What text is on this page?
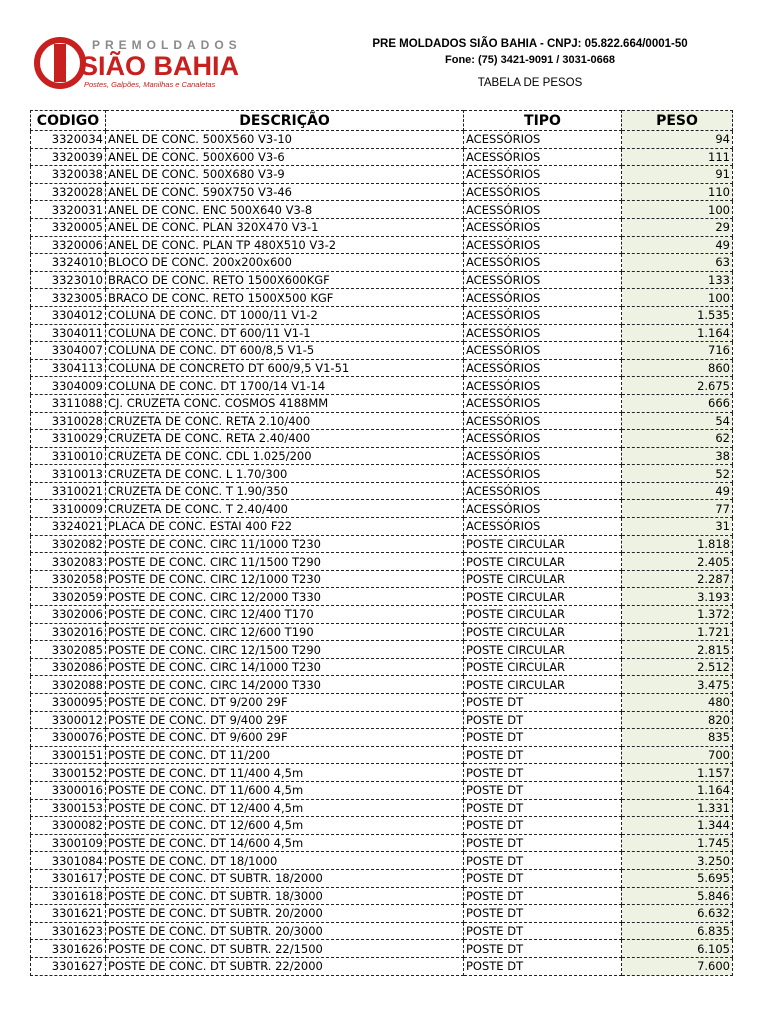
PREMOLDADOS
SIÃO BAHIA
Postes, Galpões, Manilhas e Canaletas
PRE MOLDADOS SIÃO BAHIA - CNPJ: 05.822.664/0001-50
Fone: (75) 3421-9091 / 3031-0668
TABELA DE PESOS
CODIGO	DESCRIÇÃO	TIPO	PESO
3320034	ANEL DE CONC. 500X560 V3-10	ACESSÓRIOS	94
3320039	ANEL DE CONC. 500X600 V3-6	ACESSÓRIOS	111
3320038	ANEL DE CONC. 500X680 V3-9	ACESSÓRIOS	91
3320028	ANEL DE CONC. 590X750 V3-46	ACESSÓRIOS	110
3320031	ANEL DE CONC. ENC 500X640 V3-8	ACESSÓRIOS	100
3320005	ANEL DE CONC. PLAN 320X470 V3-1	ACESSÓRIOS	29
3320006	ANEL DE CONC. PLAN TP 480X510 V3-2	ACESSÓRIOS	49
3324010	BLOCO DE CONC. 200x200x600	ACESSÓRIOS	63
3323010	BRACO DE CONC. RETO 1500X600KGF	ACESSÓRIOS	133
3323005	BRACO DE CONC. RETO 1500X500 KGF	ACESSÓRIOS	100
3304012	COLUNA DE CONC. DT 1000/11 V1-2	ACESSÓRIOS	1.535
3304011	COLUNA DE CONC. DT 600/11 V1-1	ACESSÓRIOS	1.164
3304007	COLUNA DE CONC. DT 600/8,5 V1-5	ACESSÓRIOS	716
3304113	COLUNA DE CONCRETO DT 600/9,5 V1-51	ACESSÓRIOS	860
3304009	COLUNA DE CONC. DT 1700/14 V1-14	ACESSÓRIOS	2.675
3311088	CJ. CRUZETA CONC. COSMOS 4188MM	ACESSÓRIOS	666
3310028	CRUZETA DE CONC. RETA 2.10/400	ACESSÓRIOS	54
3310029	CRUZETA DE CONC. RETA 2.40/400	ACESSÓRIOS	62
3310010	CRUZETA DE CONC. CDL 1.025/200	ACESSÓRIOS	38
3310013	CRUZETA DE CONC. L 1.70/300	ACESSÓRIOS	52
3310021	CRUZETA DE CONC. T 1.90/350	ACESSÓRIOS	49
3310009	CRUZETA DE CONC. T 2.40/400	ACESSÓRIOS	77
3324021	PLACA DE CONC. ESTAI 400 F22	ACESSÓRIOS	31
3302082	POSTE DE CONC. CIRC 11/1000 T230	POSTE CIRCULAR	1.818
3302083	POSTE DE CONC. CIRC 11/1500 T290	POSTE CIRCULAR	2.405
3302058	POSTE DE CONC. CIRC 12/1000 T230	POSTE CIRCULAR	2.287
3302059	POSTE DE CONC. CIRC 12/2000 T330	POSTE CIRCULAR	3.193
3302006	POSTE DE CONC. CIRC 12/400 T170	POSTE CIRCULAR	1.372
3302016	POSTE DE CONC. CIRC 12/600 T190	POSTE CIRCULAR	1.721
3302085	POSTE DE CONC. CIRC 12/1500 T290	POSTE CIRCULAR	2.815
3302086	POSTE DE CONC. CIRC 14/1000 T230	POSTE CIRCULAR	2.512
3302088	POSTE DE CONC. CIRC 14/2000 T330	POSTE CIRCULAR	3.475
3300095	POSTE DE CONC. DT 9/200 29F	POSTE DT	480
3300012	POSTE DE CONC. DT 9/400 29F	POSTE DT	820
3300076	POSTE DE CONC. DT 9/600 29F	POSTE DT	835
3300151	POSTE DE CONC. DT 11/200	POSTE DT	700
3300152	POSTE DE CONC. DT 11/400 4,5m	POSTE DT	1.157
3300016	POSTE DE CONC. DT 11/600 4,5m	POSTE DT	1.164
3300153	POSTE DE CONC. DT 12/400 4,5m	POSTE DT	1.331
3300082	POSTE DE CONC. DT 12/600 4,5m	POSTE DT	1.344
3300109	POSTE DE CONC. DT 14/600 4,5m	POSTE DT	1.745
3301084	POSTE DE CONC. DT 18/1000	POSTE DT	3.250
3301617	POSTE DE CONC. DT SUBTR. 18/2000	POSTE DT	5.695
3301618	POSTE DE CONC. DT SUBTR. 18/3000	POSTE DT	5.846
3301621	POSTE DE CONC. DT SUBTR. 20/2000	POSTE DT	6.632
3301623	POSTE DE CONC. DT SUBTR. 20/3000	POSTE DT	6.835
3301626	POSTE DE CONC. DT SUBTR. 22/1500	POSTE DT	6.105
3301627	POSTE DE CONC. DT SUBTR. 22/2000	POSTE DT	7.600
